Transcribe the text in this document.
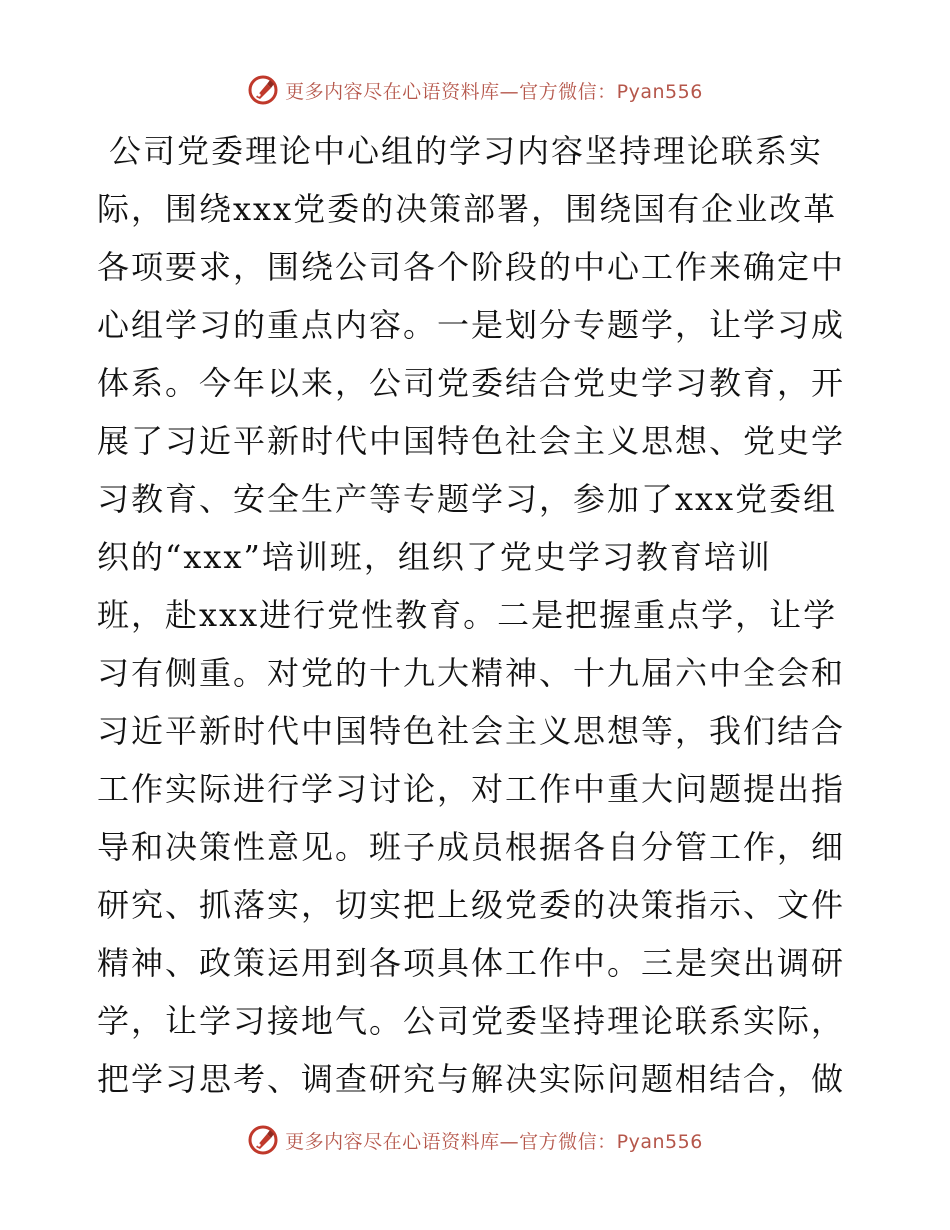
更多内容尽在心语资料库—官方微信：Pyan556
公司党委理论中心组的学习内容坚持理论联系实
际，围绕xxx党委的决策部署，围绕国有企业改革
各项要求，围绕公司各个阶段的中心工作来确定中
心组学习的重点内容。一是划分专题学，让学习成
体系。今年以来，公司党委结合党史学习教育，开
展了习近平新时代中国特色社会主义思想、党史学
习教育、安全生产等专题学习，参加了xxx党委组
织的“xxx”培训班，组织了党史学习教育培训
班，赴xxx进行党性教育。二是把握重点学，让学
习有侧重。对党的十九大精神、十九届六中全会和
习近平新时代中国特色社会主义思想等，我们结合
工作实际进行学习讨论，对工作中重大问题提出指
导和决策性意见。班子成员根据各自分管工作，细
研究、抓落实，切实把上级党委的决策指示、文件
精神、政策运用到各项具体工作中。三是突出调研
学，让学习接地气。公司党委坚持理论联系实际，
把学习思考、调查研究与解决实际问题相结合，做
更多内容尽在心语资料库—官方微信：Pyan556
